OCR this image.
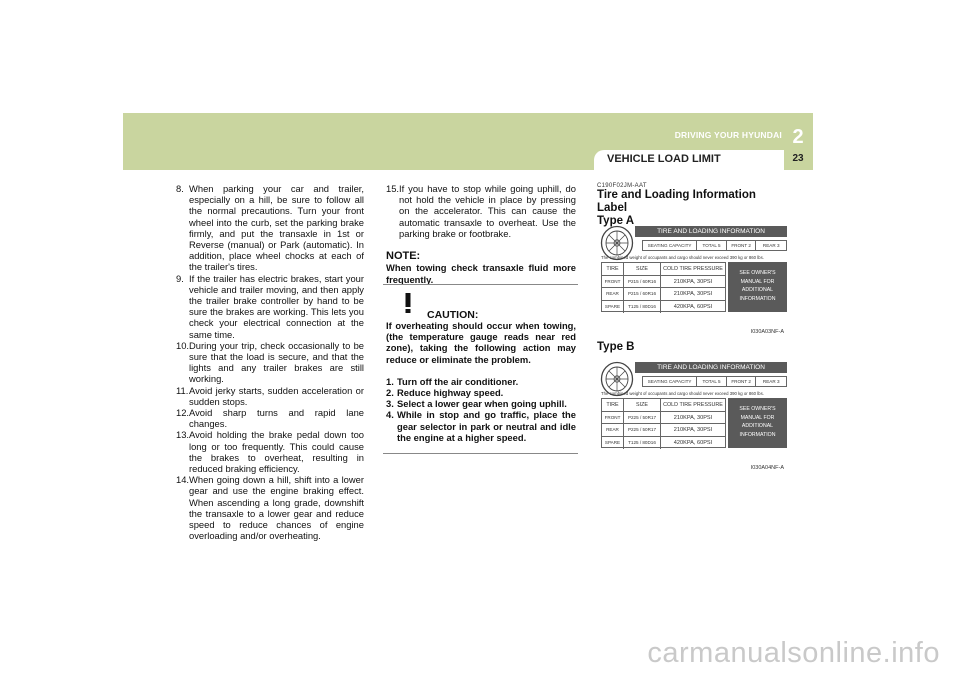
2
DRIVING YOUR HYUNDAI
VEHICLE LOAD LIMIT	23
8. When parking your car and trailer, especially on a hill, be sure to follow all the normal precautions. Turn your front wheel into the curb, set the parking brake firmly, and put the transaxle in 1st or Reverse (manual) or Park (automatic). In addition, place wheel chocks at each of the trailer's tires.
9. If the trailer has electric brakes, start your vehicle and trailer moving, and then apply the trailer brake controller by hand to be sure the brakes are working. This lets you check your electrical connection at the same time.
10. During your trip, check occasionally to be sure that the load is secure, and that the lights and any trailer brakes are still working.
11. Avoid jerky starts, sudden acceleration or sudden stops.
12. Avoid sharp turns and rapid lane changes.
13. Avoid holding the brake pedal down too long or too frequently. This could cause the brakes to overheat, resulting in reduced braking efficiency.
14. When going down a hill, shift into a lower gear and use the engine braking effect. When ascending a long grade, downshift the transaxle to a lower gear and reduce speed to reduce chances of engine overloading and/or overheating.
15. If you have to stop while going uphill, do not hold the vehicle in place by pressing on the accelerator. This can cause the automatic transaxle to overheat. Use the parking brake or footbrake.
NOTE:
When towing check transaxle fluid more frequently.
CAUTION:
If overheating should occur when towing, (the temperature gauge reads near red zone), taking the following action may reduce or eliminate the problem.
1. Turn off the air conditioner.
2. Reduce highway speed.
3. Select a lower gear when going uphill.
4. While in stop and go traffic, place the gear selector in park or neutral and idle the engine at a higher speed.
C190F02JM-AAT
Tire and Loading Information Label
Type A
TIRE AND LOADING INFORMATION
SEATING CAPACITY	TOTAL 5	FRONT 2	REAR 3
The combined weight of occupants and cargo should never exceed 390 kg or 860 lbs.
TIRE	SIZE	COLD TIRE PRESSURE
FRONT	P215 / 60R16	210KPA, 30PSI
REAR	P215 / 60R16	210KPA, 30PSI
SPARE	T125 / 80D16	420KPA, 60PSI
SEE OWNER'S
MANUAL FOR
ADDITIONAL
INFORMATION
I030A03NF-A
Type B
TIRE AND LOADING INFORMATION
SEATING CAPACITY	TOTAL 5	FRONT 2	REAR 3
The combined weight of occupants and cargo should never exceed 390 kg or 860 lbs.
TIRE	SIZE	COLD TIRE PRESSURE
FRONT	P225 / 50R17	210KPA, 30PSI
REAR	P225 / 50R17	210KPA, 30PSI
SPARE	T125 / 80D16	420KPA, 60PSI
SEE OWNER'S
MANUAL FOR
ADDITIONAL
INFORMATION
I030A04NF-A
carmanualsonline.info
